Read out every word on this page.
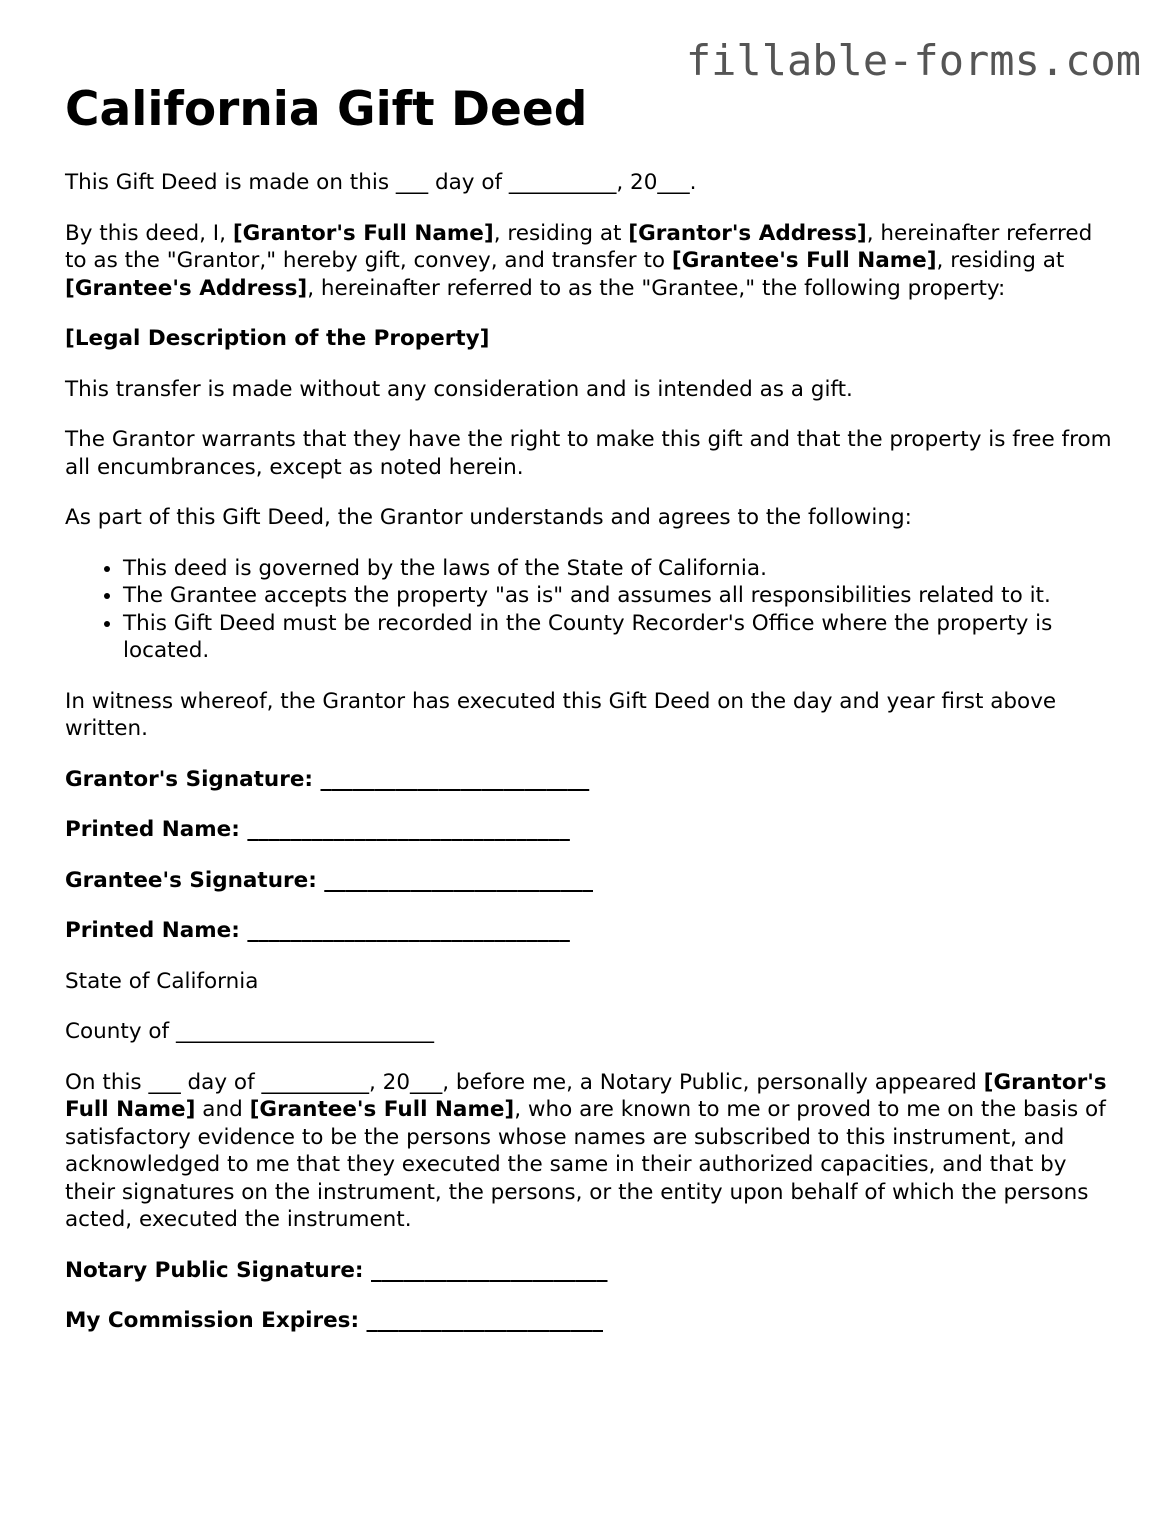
fillable-forms.com
California Gift Deed

This Gift Deed is made on this ___ day of __________, 20___.

By this deed, I, [Grantor's Full Name], residing at [Grantor's Address], hereinafter referred to as the "Grantor," hereby gift, convey, and transfer to [Grantee's Full Name], residing at [Grantee's Address], hereinafter referred to as the "Grantee," the following property:

[Legal Description of the Property]

This transfer is made without any consideration and is intended as a gift.

The Grantor warrants that they have the right to make this gift and that the property is free from all encumbrances, except as noted herein.

As part of this Gift Deed, the Grantor understands and agrees to the following:

• This deed is governed by the laws of the State of California.
• The Grantee accepts the property "as is" and assumes all responsibilities related to it.
• This Gift Deed must be recorded in the County Recorder's Office where the property is located.

In witness whereof, the Grantor has executed this Gift Deed on the day and year first above written.

Grantor's Signature: _________________________

Printed Name: ______________________________

Grantee's Signature: _________________________

Printed Name: ______________________________

State of California

County of ________________________

On this ___ day of __________, 20___, before me, a Notary Public, personally appeared [Grantor's Full Name] and [Grantee's Full Name], who are known to me or proved to me on the basis of satisfactory evidence to be the persons whose names are subscribed to this instrument, and acknowledged to me that they executed the same in their authorized capacities, and that by their signatures on the instrument, the persons, or the entity upon behalf of which the persons acted, executed the instrument.

Notary Public Signature: ______________________

My Commission Expires: ______________________
